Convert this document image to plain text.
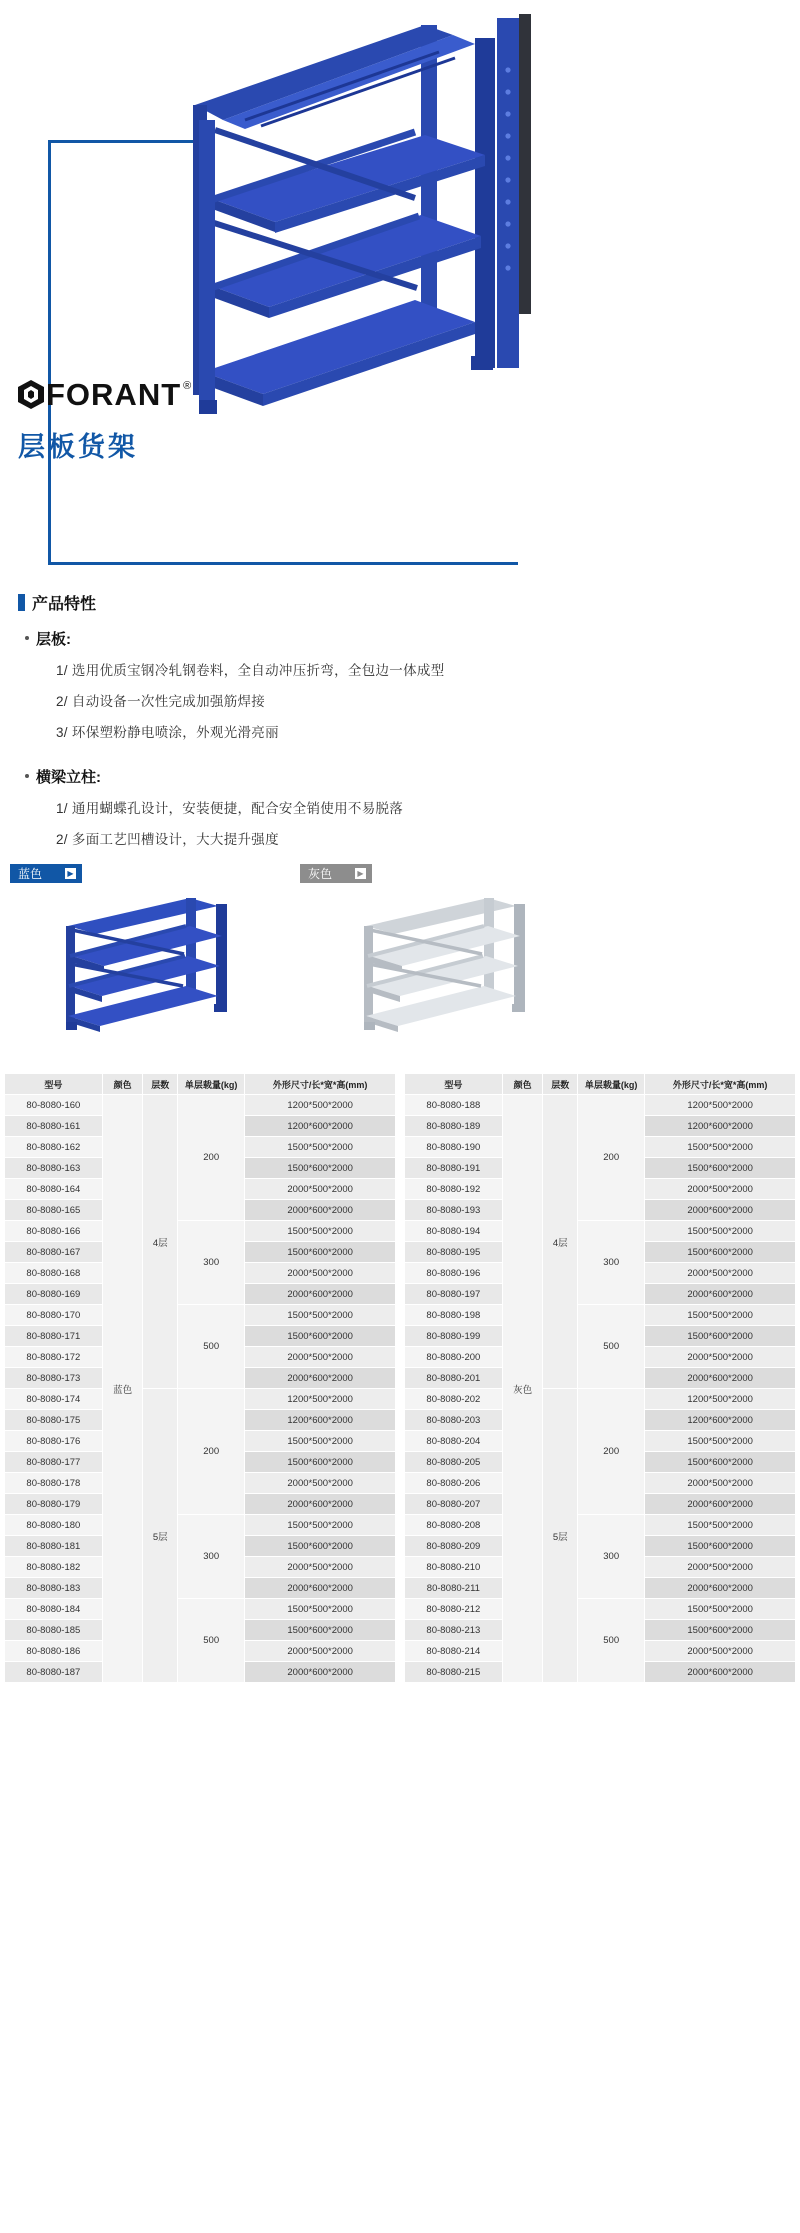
FORANT ®
层板货架
产品特性
层板:

1/ 选用优质宝钢冷轧钢卷料，全自动冲压折弯，全包边一体成型

2/ 自动设备一次性完成加强筋焊接

3/ 环保塑粉静电喷涂，外观光滑亮丽

横梁立柱:

1/ 通用蝴蝶孔设计，安装便捷，配合安全销使用不易脱落

2/ 多面工艺凹槽设计，大大提升强度

蓝色	▶	灰色	▶
型号	颜色	层数	单层载量(kg)	外形尺寸/长*宽*高(mm)
80-8080-160	蓝色	4层	200	1200*500*2000
80-8080-161				1200*600*2000
80-8080-162				1500*500*2000
80-8080-163				1500*600*2000
80-8080-164				2000*500*2000
80-8080-165				2000*600*2000
80-8080-166			300	1500*500*2000
80-8080-167				1500*600*2000
80-8080-168				2000*500*2000
80-8080-169				2000*600*2000
80-8080-170			500	1500*500*2000
80-8080-171				1500*600*2000
80-8080-172				2000*500*2000
80-8080-173				2000*600*2000
80-8080-174		5层	200	1200*500*2000
80-8080-175				1200*600*2000
80-8080-176				1500*500*2000
80-8080-177				1500*600*2000
80-8080-178				2000*500*2000
80-8080-179				2000*600*2000
80-8080-180			300	1500*500*2000
80-8080-181				1500*600*2000
80-8080-182				2000*500*2000
80-8080-183				2000*600*2000
80-8080-184			500	1500*500*2000
80-8080-185				1500*600*2000
80-8080-186				2000*500*2000
80-8080-187				2000*600*2000
型号	颜色	层数	单层载量(kg)	外形尺寸/长*宽*高(mm)
80-8080-188	灰色	4层	200	1200*500*2000
80-8080-189				1200*600*2000
80-8080-190				1500*500*2000
80-8080-191				1500*600*2000
80-8080-192				2000*500*2000
80-8080-193				2000*600*2000
80-8080-194			300	1500*500*2000
80-8080-195				1500*600*2000
80-8080-196				2000*500*2000
80-8080-197				2000*600*2000
80-8080-198			500	1500*500*2000
80-8080-199				1500*600*2000
80-8080-200				2000*500*2000
80-8080-201				2000*600*2000
80-8080-202		5层	200	1200*500*2000
80-8080-203				1200*600*2000
80-8080-204				1500*500*2000
80-8080-205				1500*600*2000
80-8080-206				2000*500*2000
80-8080-207				2000*600*2000
80-8080-208			300	1500*500*2000
80-8080-209				1500*600*2000
80-8080-210				2000*500*2000
80-8080-211				2000*600*2000
80-8080-212			500	1500*500*2000
80-8080-213				1500*600*2000
80-8080-214				2000*500*2000
80-8080-215				2000*600*2000
